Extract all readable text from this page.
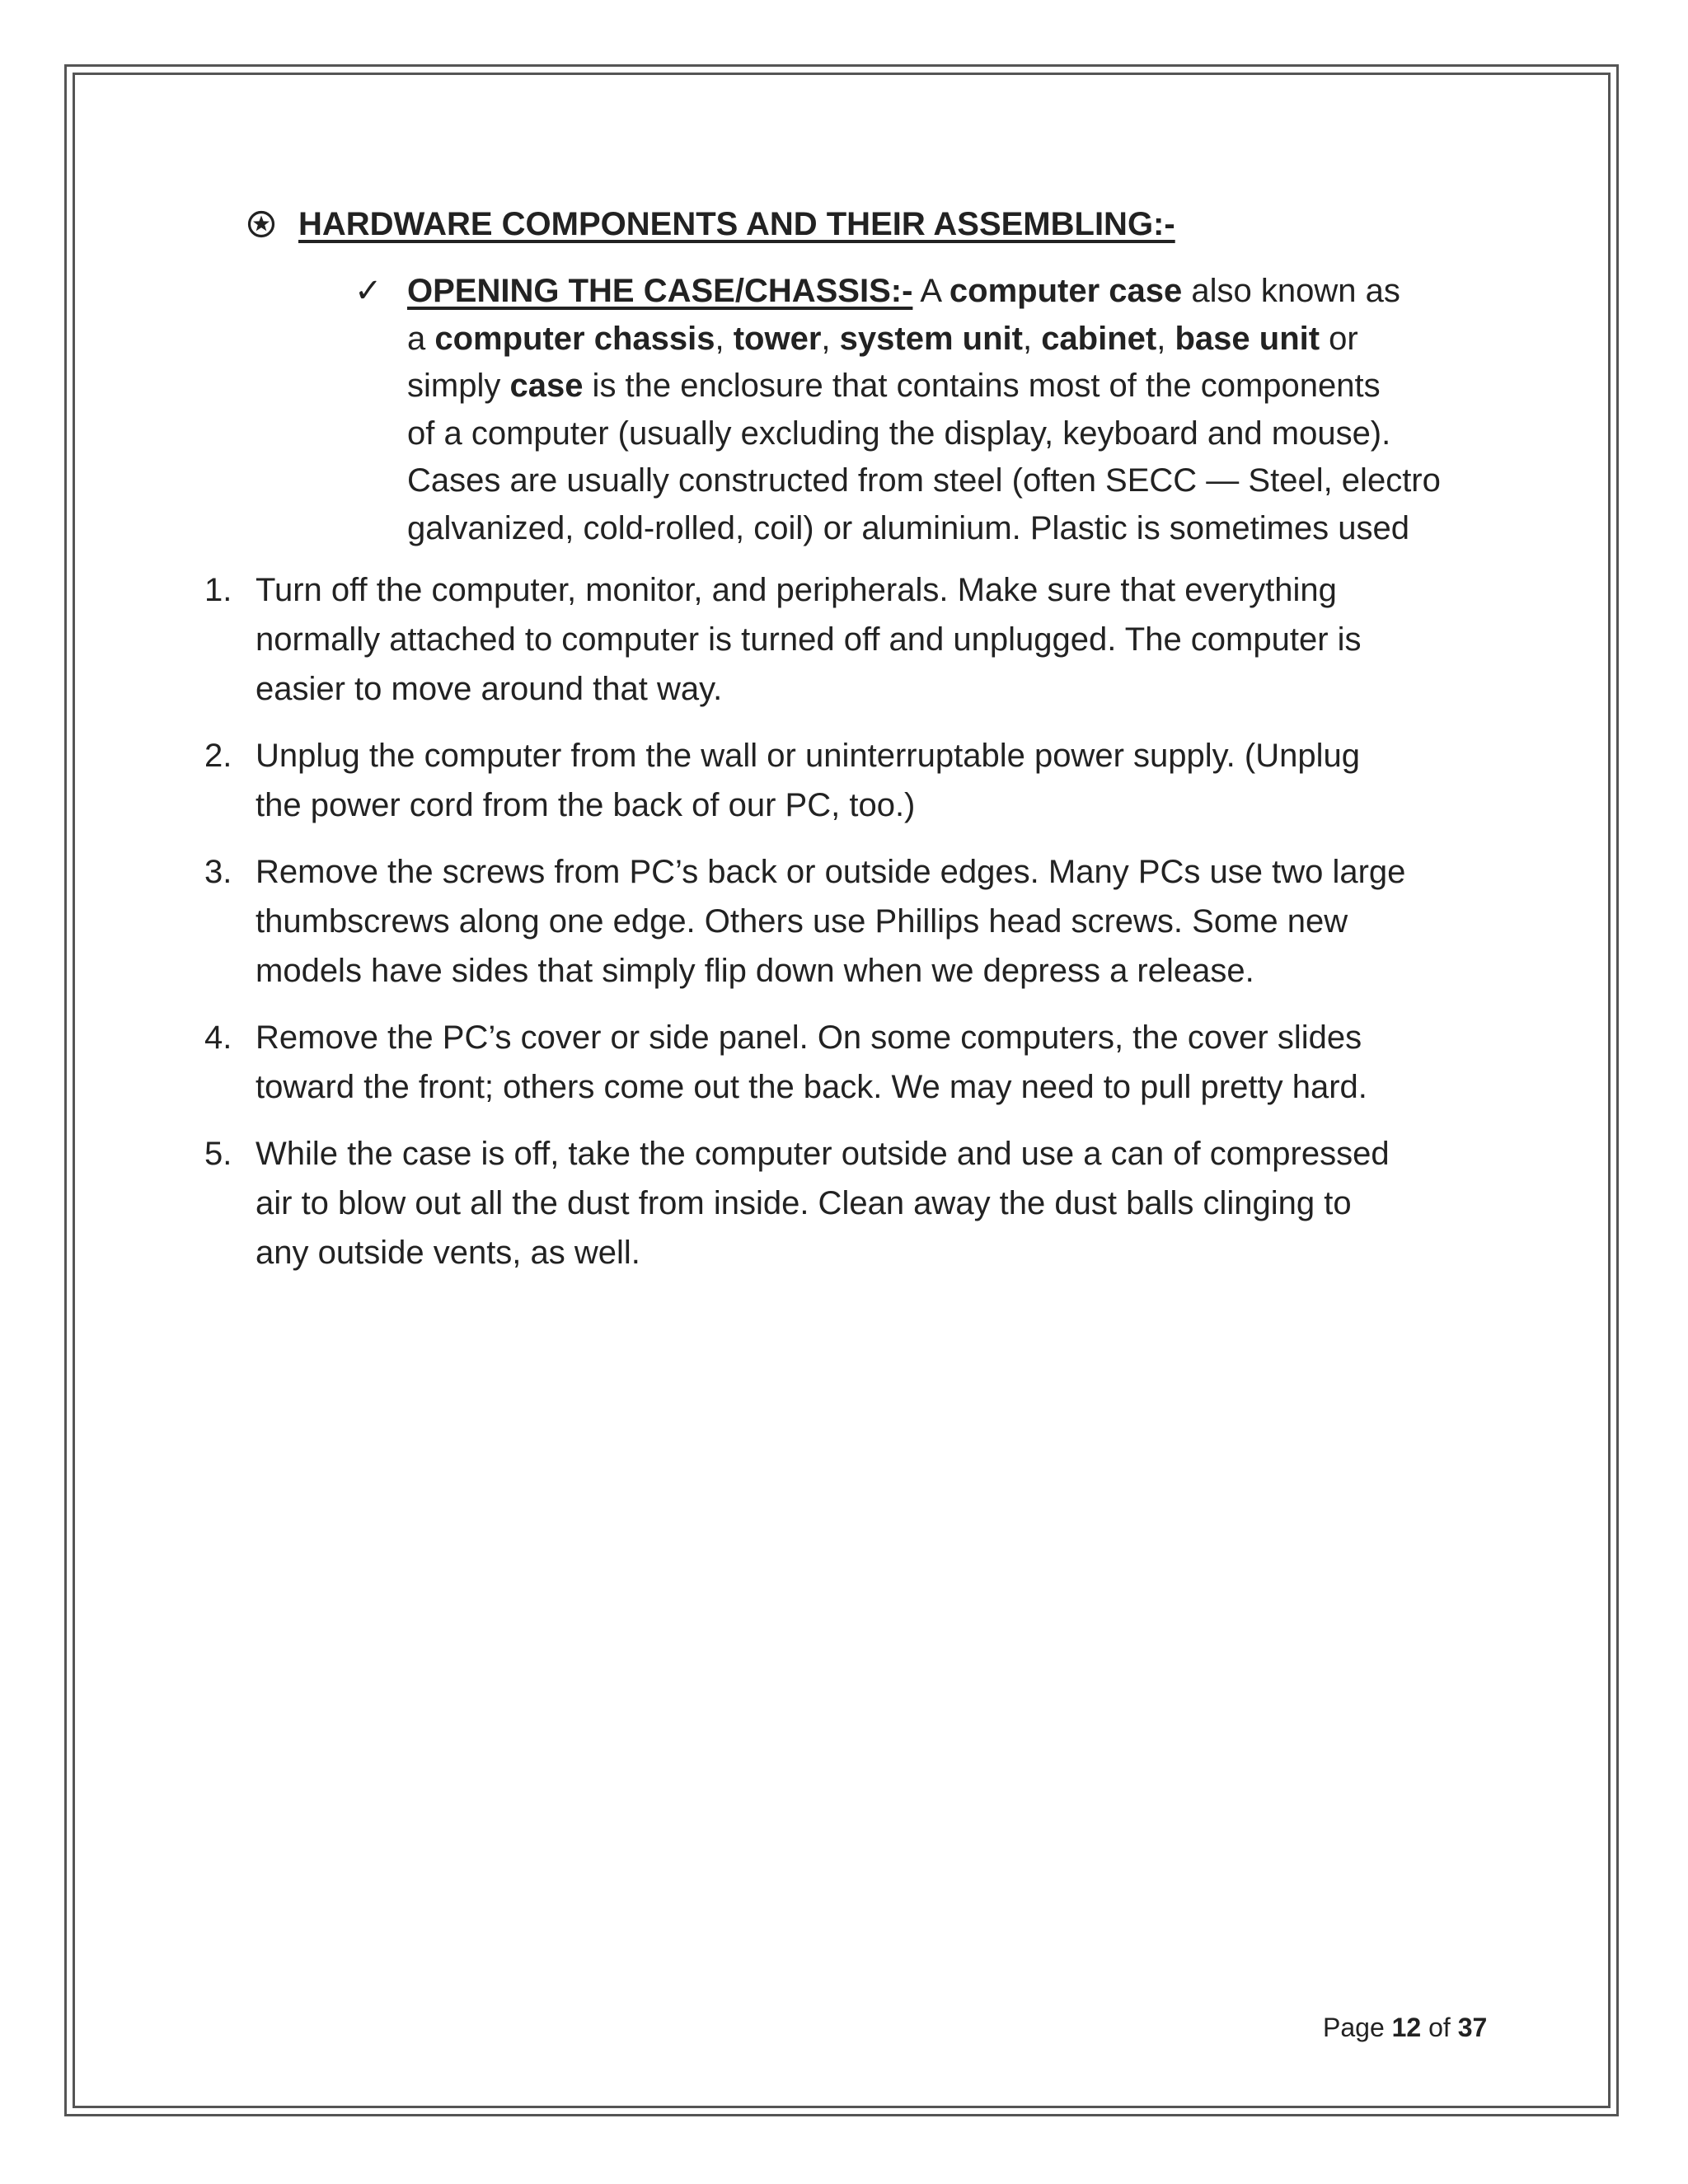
HARDWARE COMPONENTS AND THEIR ASSEMBLING:-
✓ OPENING THE CASE/CHASSIS:- A computer case also known as
a computer chassis, tower, system unit, cabinet, base unit or
simply case is the enclosure that contains most of the components
of a computer (usually excluding the display, keyboard and mouse).
Cases are usually constructed from steel (often SECC — Steel, electro
galvanized, cold-rolled, coil) or aluminium. Plastic is sometimes used
1. Turn off the computer, monitor, and peripherals. Make sure that everything
normally attached to computer is turned off and unplugged. The computer is
easier to move around that way.
2. Unplug the computer from the wall or uninterruptable power supply. (Unplug
the power cord from the back of our PC, too.)
3. Remove the screws from PC’s back or outside edges. Many PCs use two large
thumbscrews along one edge. Others use Phillips head screws. Some new
models have sides that simply flip down when we depress a release.
4. Remove the PC’s cover or side panel. On some computers, the cover slides
toward the front; others come out the back. We may need to pull pretty hard.
5. While the case is off, take the computer outside and use a can of compressed
air to blow out all the dust from inside. Clean away the dust balls clinging to
any outside vents, as well.
Page 12 of 37
